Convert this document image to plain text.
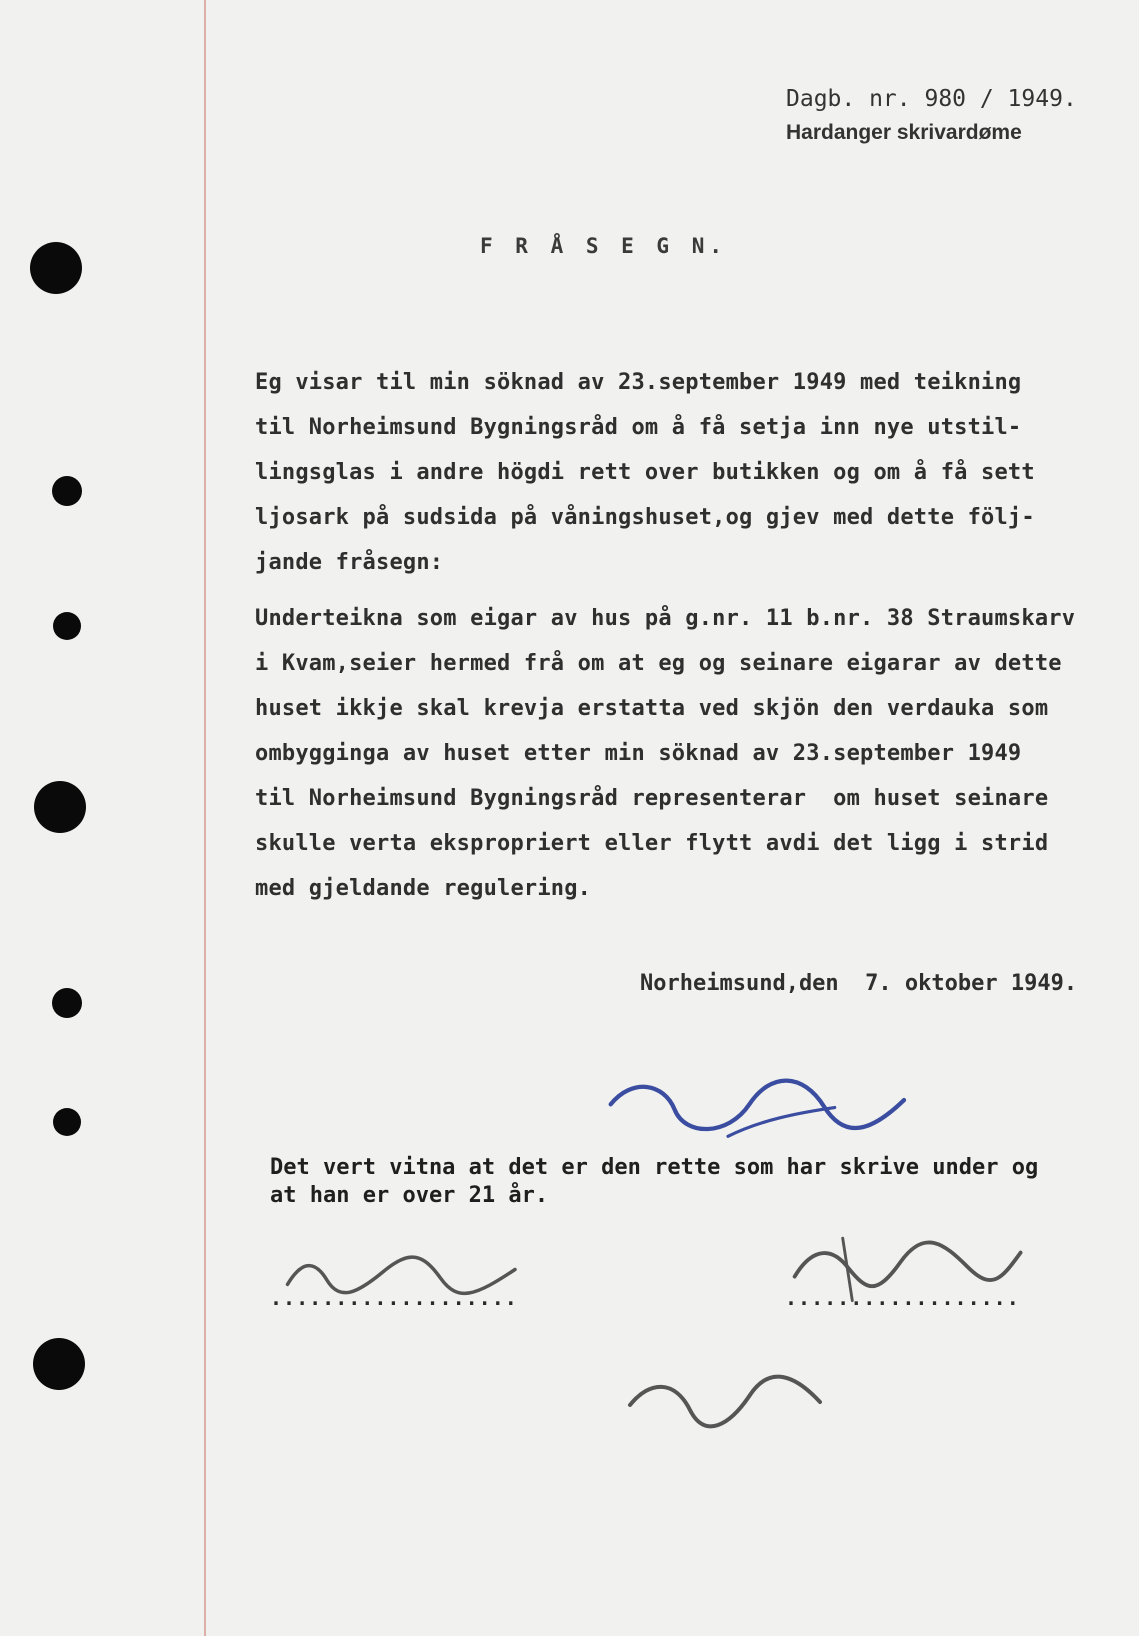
Dagb. nr. 980 / 1949.
Hardanger skrivardøme
F R Å S E G N.
Eg visar til min söknad av 23.september 1949 med teikning
til Norheimsund Bygningsråd om å få setja inn nye utstil-
lingsglas i andre högdi rett over butikken og om å få sett
ljosark på sudsida på våningshuset,og gjev med dette följ-
jande fråsegn:
Underteikna som eigar av hus på g.nr. 11 b.nr. 38 Straumskarv
i Kvam,seier hermed frå om at eg og seinare eigarar av dette
huset ikkje skal krevja erstatta ved skjön den verdauka som
ombygginga av huset etter min söknad av 23.september 1949
til Norheimsund Bygningsråd representerar  om huset seinare
skulle verta ekspropriert eller flytt avdi det ligg i strid
med gjeldande regulering.
Norheimsund,den  7. oktober 1949.
Det vert vitna at det er den rette som har skrive under og
at han er over 21 år.
...................	..................
